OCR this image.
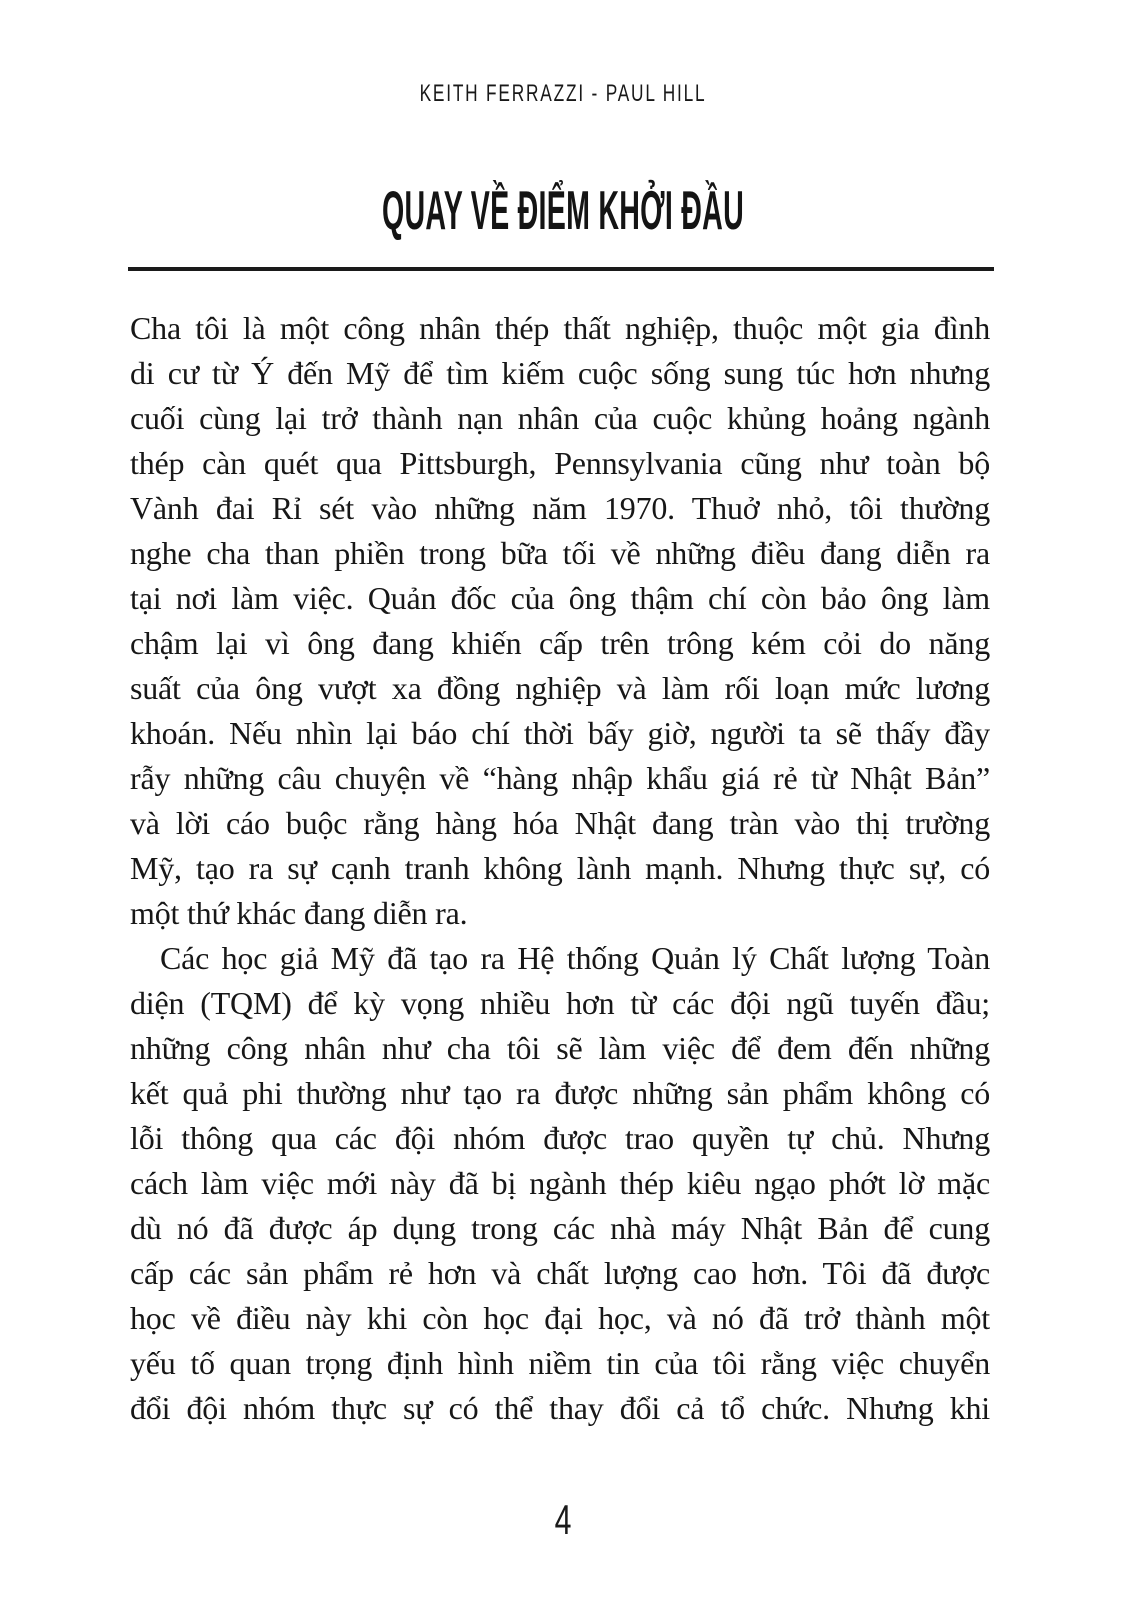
KEITH FERRAZZI - PAUL HILL
QUAY VỀ ĐIỂM KHỞI ĐẦU
Cha tôi là một công nhân thép thất nghiệp, thuộc một gia đình
di cư từ Ý đến Mỹ để tìm kiếm cuộc sống sung túc hơn nhưng
cuối cùng lại trở thành nạn nhân của cuộc khủng hoảng ngành
thép càn quét qua Pittsburgh, Pennsylvania cũng như toàn bộ
Vành đai Rỉ sét vào những năm 1970. Thuở nhỏ, tôi thường
nghe cha than phiền trong bữa tối về những điều đang diễn ra
tại nơi làm việc. Quản đốc của ông thậm chí còn bảo ông làm
chậm lại vì ông đang khiến cấp trên trông kém cỏi do năng
suất của ông vượt xa đồng nghiệp và làm rối loạn mức lương
khoán. Nếu nhìn lại báo chí thời bấy giờ, người ta sẽ thấy đầy
rẫy những câu chuyện về “hàng nhập khẩu giá rẻ từ Nhật Bản”
và lời cáo buộc rằng hàng hóa Nhật đang tràn vào thị trường
Mỹ, tạo ra sự cạnh tranh không lành mạnh. Nhưng thực sự, có
một thứ khác đang diễn ra.
Các học giả Mỹ đã tạo ra Hệ thống Quản lý Chất lượng Toàn
diện (TQM) để kỳ vọng nhiều hơn từ các đội ngũ tuyến đầu;
những công nhân như cha tôi sẽ làm việc để đem đến những
kết quả phi thường như tạo ra được những sản phẩm không có
lỗi thông qua các đội nhóm được trao quyền tự chủ. Nhưng
cách làm việc mới này đã bị ngành thép kiêu ngạo phớt lờ mặc
dù nó đã được áp dụng trong các nhà máy Nhật Bản để cung
cấp các sản phẩm rẻ hơn và chất lượng cao hơn. Tôi đã được
học về điều này khi còn học đại học, và nó đã trở thành một
yếu tố quan trọng định hình niềm tin của tôi rằng việc chuyển
đổi đội nhóm thực sự có thể thay đổi cả tổ chức. Nhưng khi
4
